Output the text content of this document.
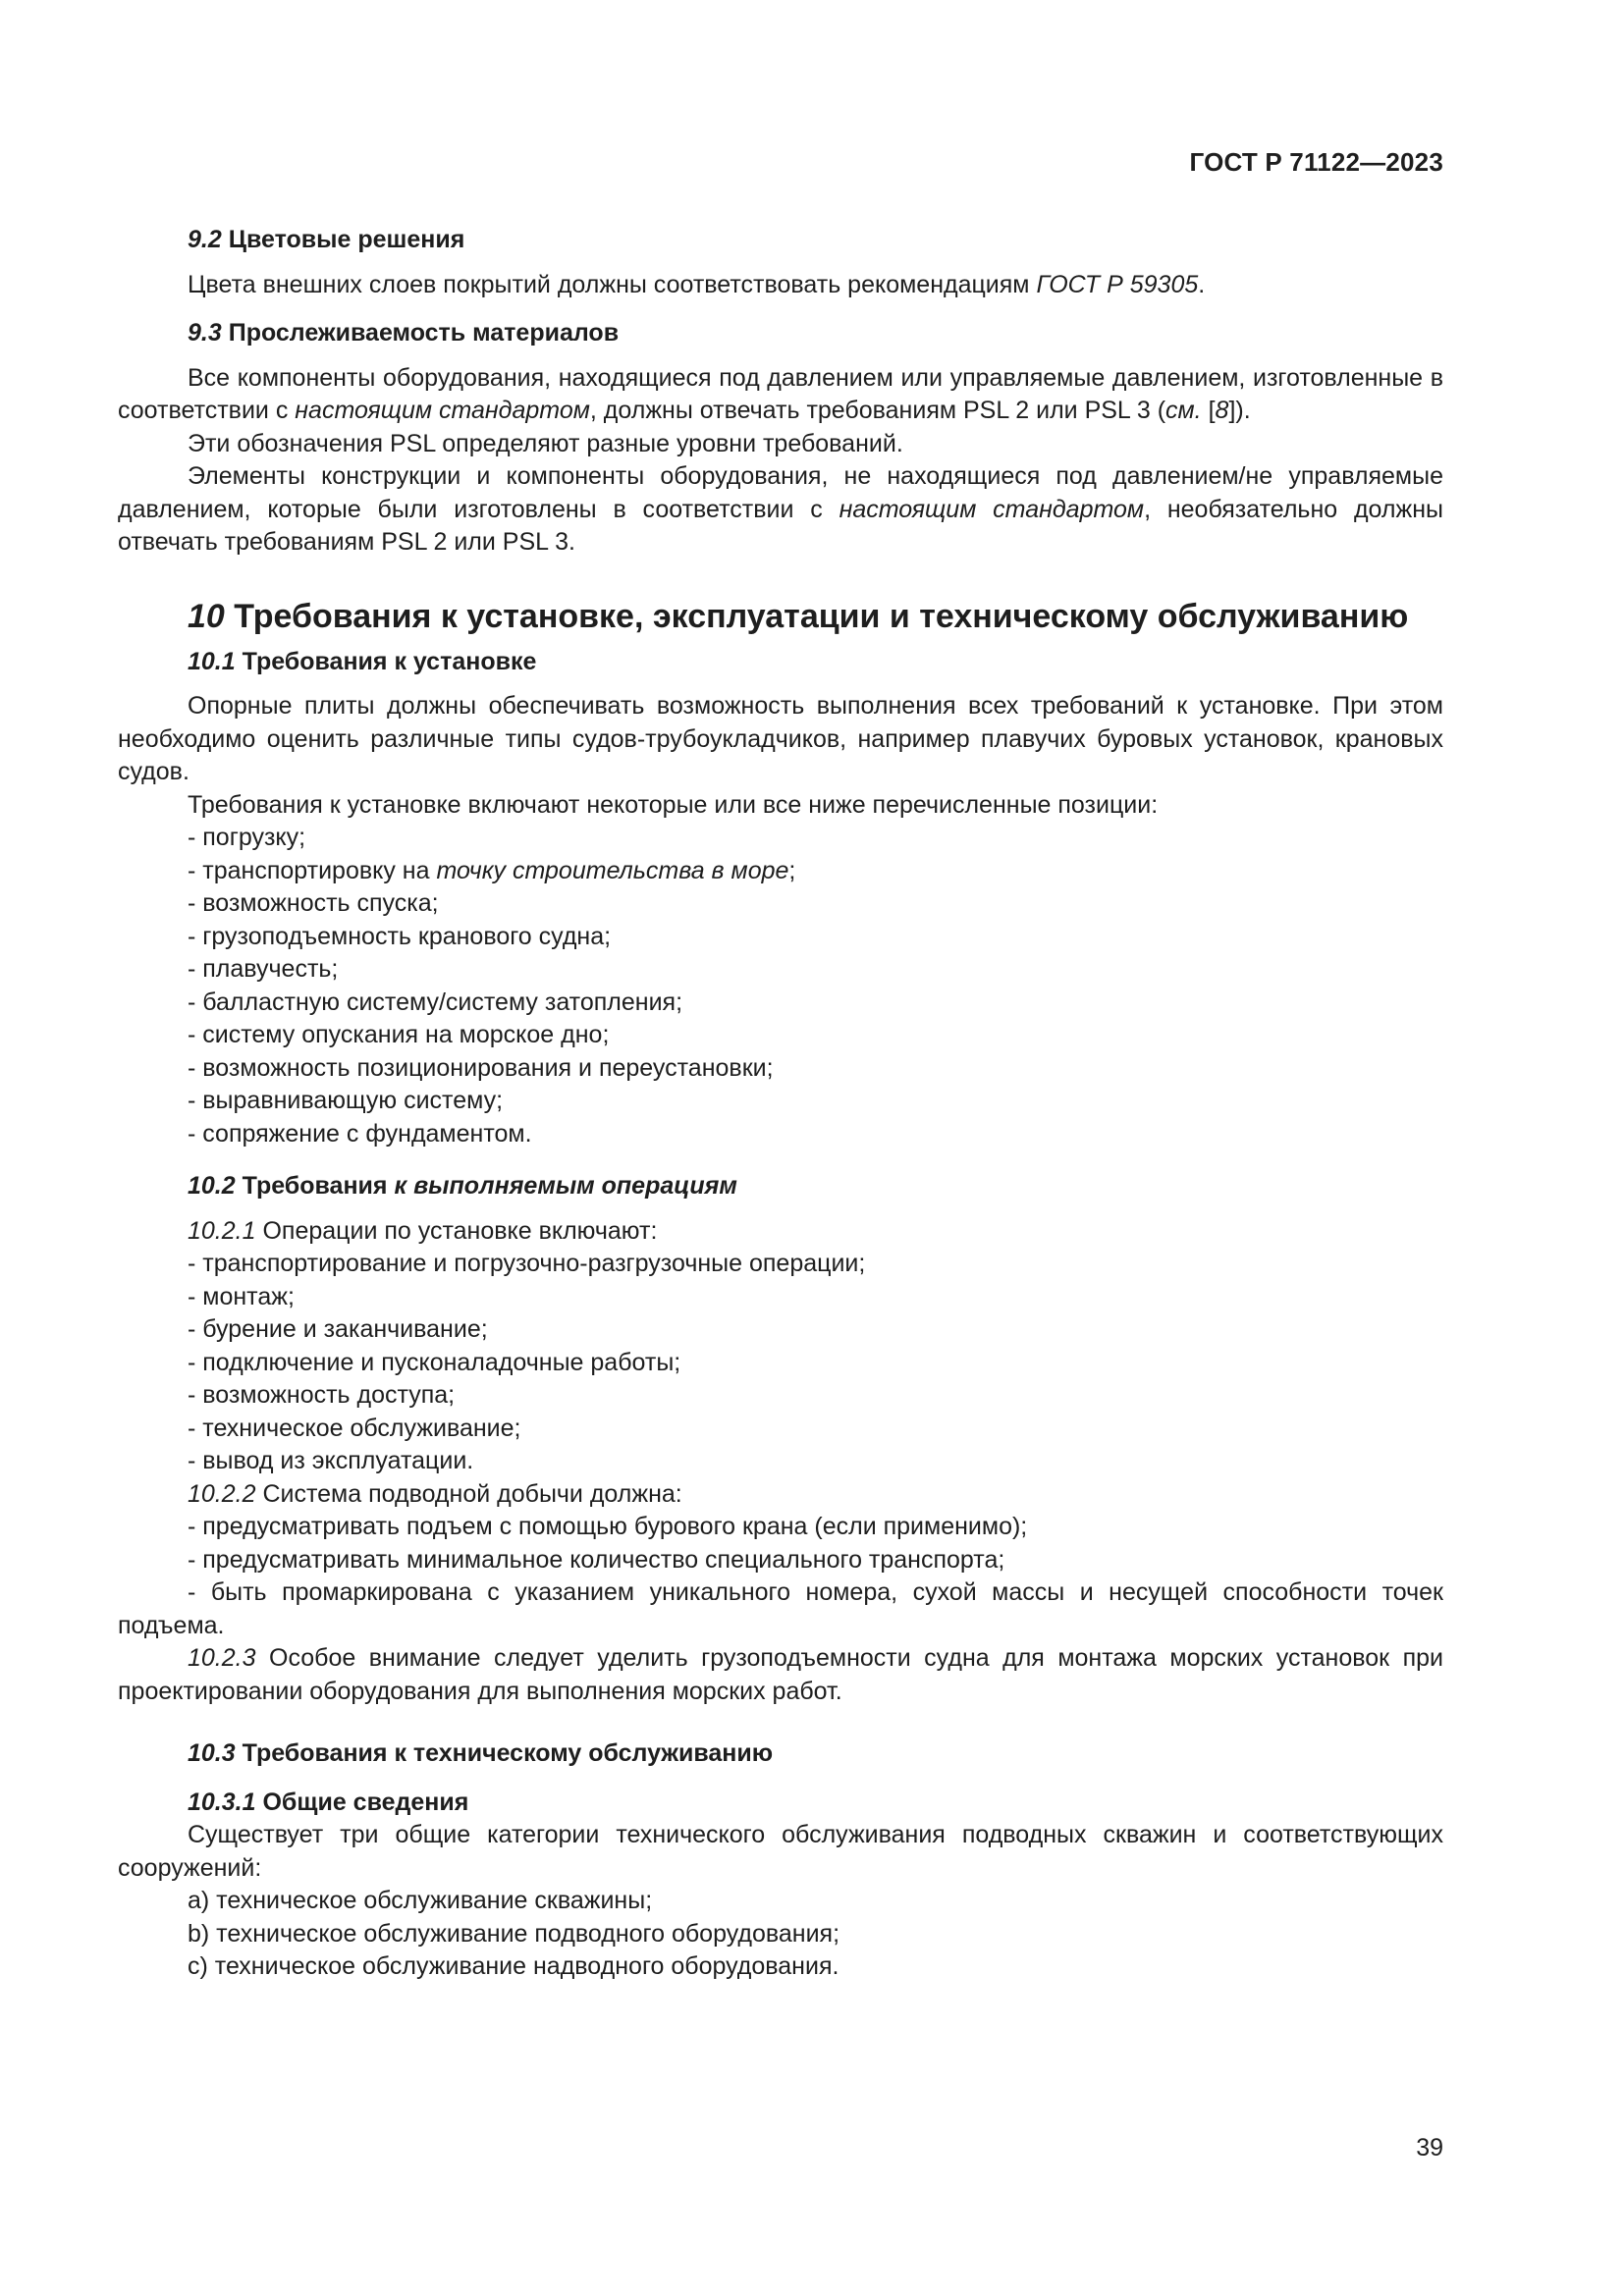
ГОСТ Р 71122—2023

9.2 Цветовые решения

Цвета внешних слоев покрытий должны соответствовать рекомендациям ГОСТ Р 59305.

9.3 Прослеживаемость материалов

Все компоненты оборудования, находящиеся под давлением или управляемые давлением, изготовленные в соответствии с настоящим стандартом, должны отвечать требованиям PSL 2 или PSL 3 (см. [8]).

Эти обозначения PSL определяют разные уровни требований.

Элементы конструкции и компоненты оборудования, не находящиеся под давлением/не управляемые давлением, которые были изготовлены в соответствии с настоящим стандартом, необязательно должны отвечать требованиям PSL 2 или PSL 3.

10 Требования к установке, эксплуатации и техническому обслуживанию

10.1 Требования к установке

Опорные плиты должны обеспечивать возможность выполнения всех требований к установке. При этом необходимо оценить различные типы судов-трубоукладчиков, например плавучих буровых установок, крановых судов.

Требования к установке включают некоторые или все ниже перечисленные позиции:

- погрузку;

- транспортировку на точку строительства в море;

- возможность спуска;

- грузоподъемность кранового судна;

- плавучесть;

- балластную систему/систему затопления;

- систему опускания на морское дно;

- возможность позиционирования и переустановки;

- выравнивающую систему;

- сопряжение с фундаментом.

10.2 Требования к выполняемым операциям

10.2.1 Операции по установке включают:

- транспортирование и погрузочно-разгрузочные операции;

- монтаж;

- бурение и заканчивание;

- подключение и пусконаладочные работы;

- возможность доступа;

- техническое обслуживание;

- вывод из эксплуатации.

10.2.2 Система подводной добычи должна:

- предусматривать подъем с помощью бурового крана (если применимо);

- предусматривать минимальное количество специального транспорта;

- быть промаркирована с указанием уникального номера, сухой массы и несущей способности точек подъема.

10.2.3 Особое внимание следует уделить грузоподъемности судна для монтажа морских установок при проектировании оборудования для выполнения морских работ.

10.3 Требования к техническому обслуживанию

10.3.1 Общие сведения

Существует три общие категории технического обслуживания подводных скважин и соответствующих сооружений:

a) техническое обслуживание скважины;

b) техническое обслуживание подводного оборудования;

c) техническое обслуживание надводного оборудования.

39
